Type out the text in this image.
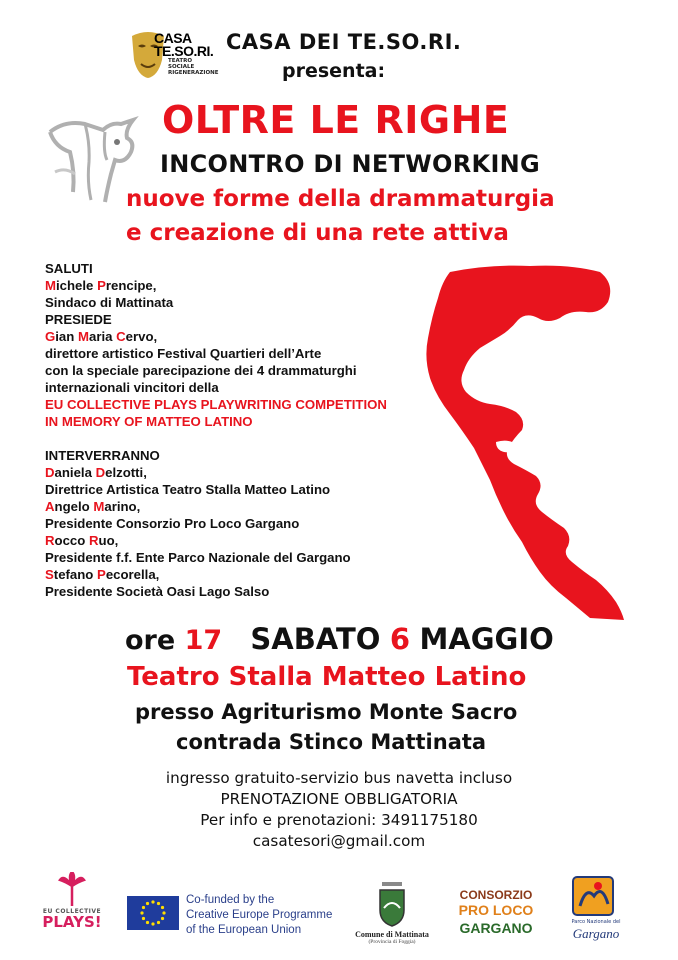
CASA
TE.SO.RI.
TEATRO
SOCIALE
RIGENERAZIONE
CASA DEI TE.SO.RI.
presenta:
OLTRE LE RIGHE
INCONTRO DI NETWORKING
nuove forme della drammaturgia
e creazione di una rete attiva
SALUTI
Michele Prencipe,
Sindaco di Mattinata
PRESIEDE
Gian Maria Cervo,
direttore artistico Festival Quartieri dell’Arte
con la speciale parecipazione dei 4 drammaturghi
internazionali vincitori della
EU COLLECTIVE PLAYS PLAYWRITING COMPETITION
IN MEMORY OF MATTEO LATINO
INTERVERRANNO
Daniela Delzotti,
Direttrice Artistica Teatro Stalla Matteo Latino
Angelo Marino,
Presidente Consorzio Pro Loco Gargano
Rocco Ruo,
Presidente f.f. Ente Parco Nazionale del Gargano
Stefano Pecorella,
Presidente Società Oasi Lago Salso
ore 17 SABATO 6 MAGGIO
Teatro Stalla Matteo Latino
presso Agriturismo Monte Sacro
contrada Stinco Mattinata
ingresso gratuito-servizio bus navetta incluso
PRENOTAZIONE OBBLIGATORIA
Per info e prenotazioni: 3491175180
casatesori@gmail.com
EU COLLECTIVE
PLAYS!
Co-funded by the
Creative Europe Programme
of the European Union	Comune di Mattinata
(Provincia di Foggia)
CONSORZIO
PRO LOCO
GARGANO	Parco Nazionale del
Gargano
